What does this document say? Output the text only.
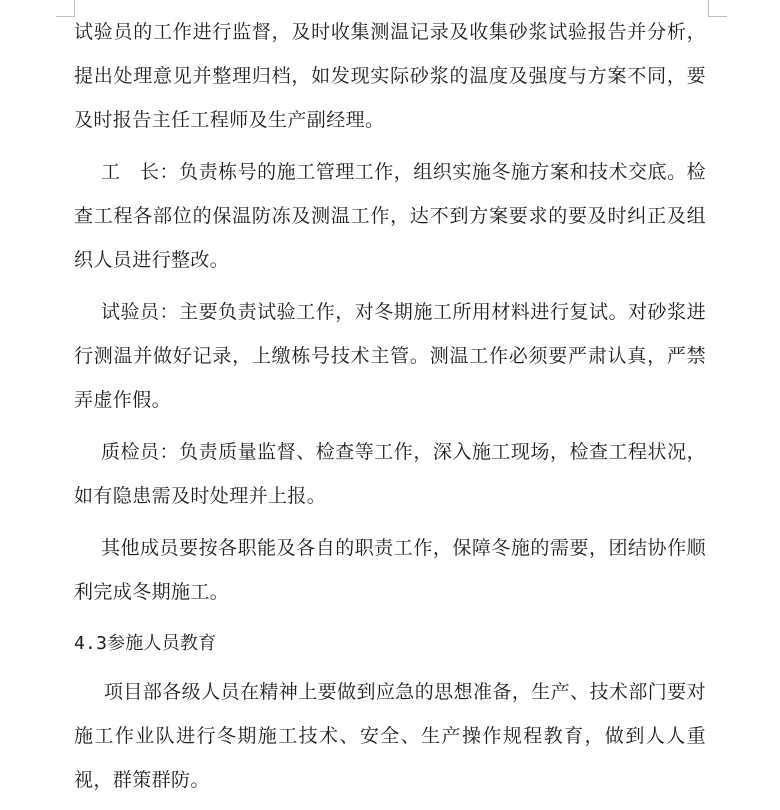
试验员的工作进行监督，及时收集测温记录及收集砂浆试验报告并分析，提出处理意见并整理归档，如发现实际砂浆的温度及强度与方案不同，要及时报告主任工程师及生产副经理。

工　长：负责栋号的施工管理工作，组织实施冬施方案和技术交底。检查工程各部位的保温防冻及测温工作，达不到方案要求的要及时纠正及组织人员进行整改。

试验员：主要负责试验工作，对冬期施工所用材料进行复试。对砂浆进行测温并做好记录，上缴栋号技术主管。测温工作必须要严肃认真，严禁弄虚作假。

质检员：负责质量监督、检查等工作，深入施工现场，检查工程状况，如有隐患需及时处理并上报。

其他成员要按各职能及各自的职责工作，保障冬施的需要，团结协作顺利完成冬期施工。

4.3参施人员教育

项目部各级人员在精神上要做到应急的思想准备，生产、技术部门要对施工作业队进行冬期施工技术、安全、生产操作规程教育，做到人人重视，群策群防。
